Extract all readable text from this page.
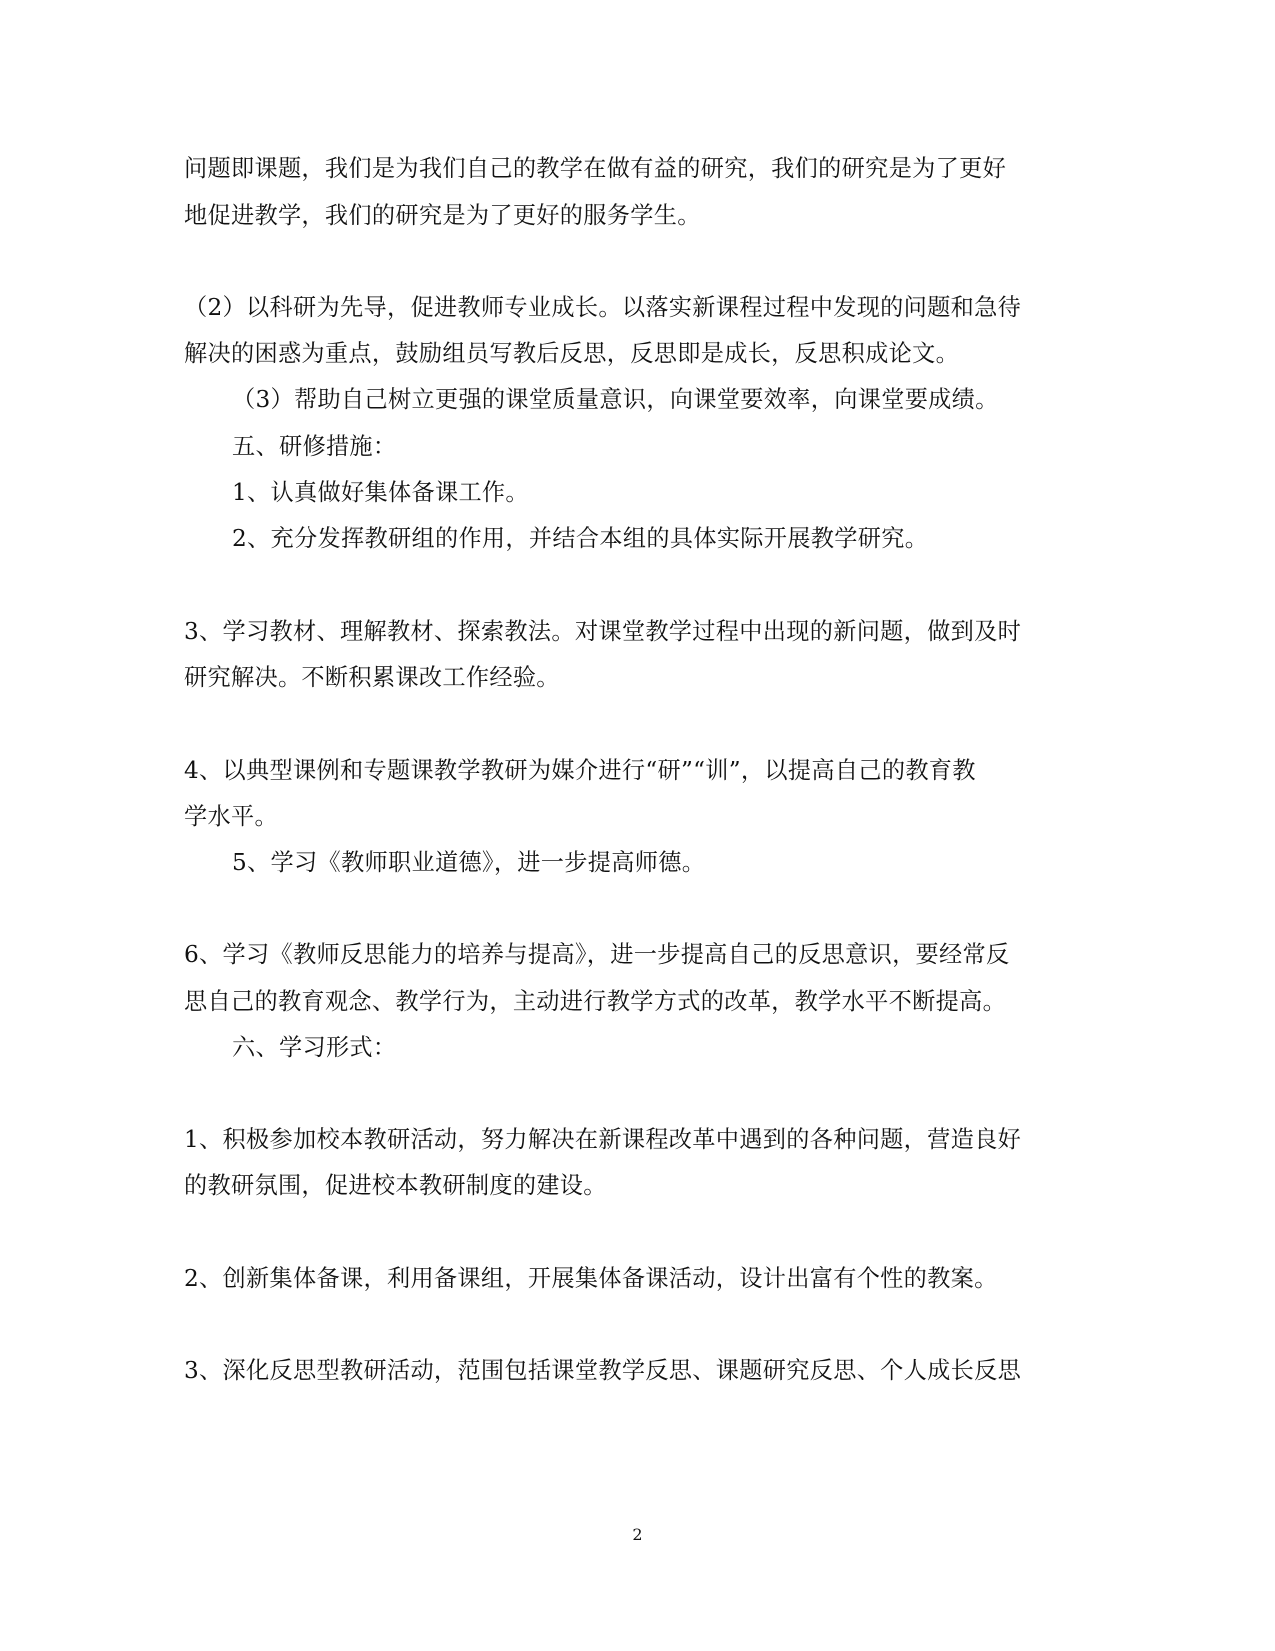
问题即课题，我们是为我们自己的教学在做有益的研究，我们的研究是为了更好

地促进教学，我们的研究是为了更好的服务学生。

（2）以科研为先导，促进教师专业成长。以落实新课程过程中发现的问题和急待

解决的困惑为重点，鼓励组员写教后反思，反思即是成长，反思积成论文。

（3）帮助自己树立更强的课堂质量意识，向课堂要效率，向课堂要成绩。

五、研修措施：

1、认真做好集体备课工作。

2、充分发挥教研组的作用，并结合本组的具体实际开展教学研究。

3、学习教材、理解教材、探索教法。对课堂教学过程中出现的新问题，做到及时

研究解决。不断积累课改工作经验。

4、以典型课例和专题课教学教研为媒介进行“研”“训”，以提高自己的教育教

学水平。

5、学习《教师职业道德》，进一步提高师德。

6、学习《教师反思能力的培养与提高》，进一步提高自己的反思意识，要经常反

思自己的教育观念、教学行为，主动进行教学方式的改革，教学水平不断提高。

六、学习形式：

1、积极参加校本教研活动，努力解决在新课程改革中遇到的各种问题，营造良好

的教研氛围，促进校本教研制度的建设。

2、创新集体备课，利用备课组，开展集体备课活动，设计出富有个性的教案。

3、深化反思型教研活动，范围包括课堂教学反思、课题研究反思、个人成长反思

2
